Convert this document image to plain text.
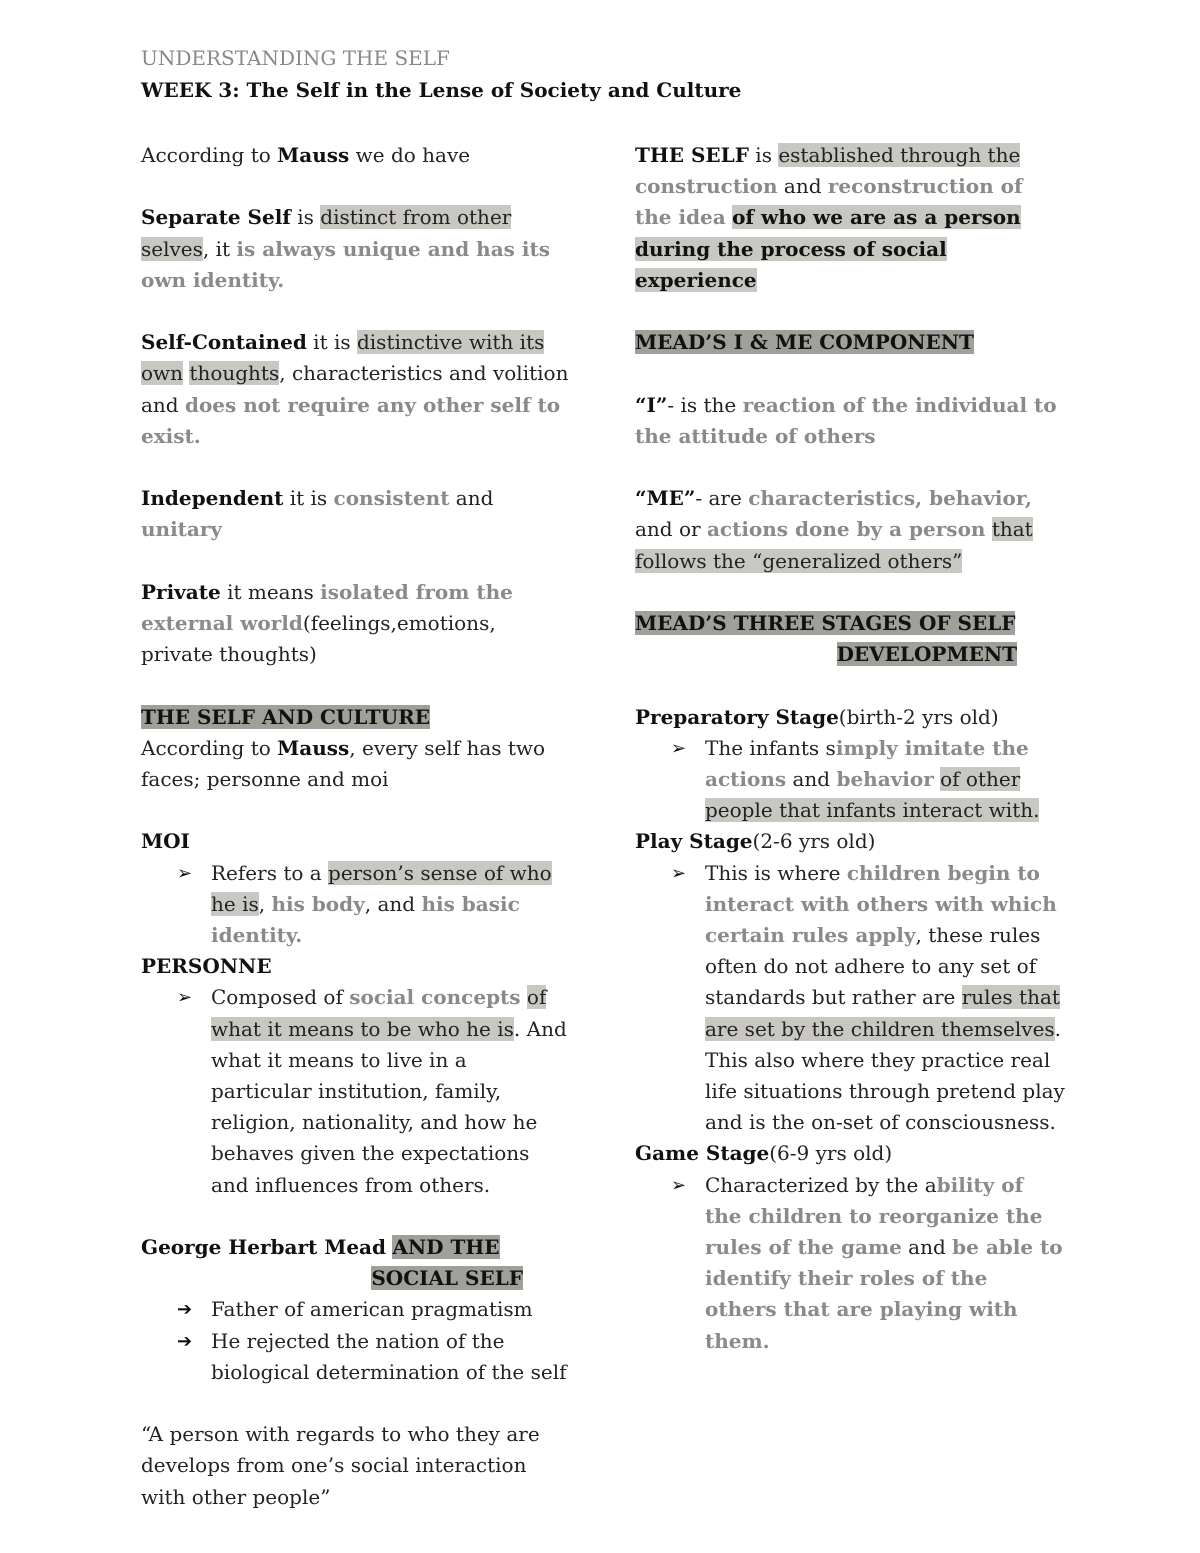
UNDERSTANDING THE SELF
WEEK 3: The Self in the Lense of Society and Culture

According to Mauss we do have

Separate Self is distinct from other selves, it is always unique and has its own identity.

Self-Contained it is distinctive with its own thoughts, characteristics and volition and does not require any other self to exist.

Independent it is consistent and unitary

Private it means isolated from the external world(feelings,emotions, private thoughts)

THE SELF AND CULTURE

According to Mauss, every self has two faces; personne and moi

MOI

➢ Refers to a person’s sense of who he is, his body, and his basic identity.

PERSONNE

➢ Composed of social concepts of what it means to be who he is. And what it means to live in a particular institution, family, religion, nationality, and how he behaves given the expectations and influences from others.

George Herbart Mead AND THE

SOCIAL SELF

➔ Father of american pragmatism
➔ He rejected the nation of the biological determination of the self

“A person with regards to who they are develops from one’s social interaction with other people”

THE SELF is established through the construction and reconstruction of the idea of who we are as a person during the process of social experience

MEAD’S I & ME COMPONENT

“I”- is the reaction of the individual to the attitude of others

“ME”- are characteristics, behavior, and or actions done by a person that follows the “generalized others”

MEAD’S THREE STAGES OF SELF

DEVELOPMENT

Preparatory Stage(birth-2 yrs old)

➢ The infants simply imitate the actions and behavior of other people that infants interact with.

Play Stage(2-6 yrs old)

➢ This is where children begin to interact with others with which certain rules apply, these rules often do not adhere to any set of standards but rather are rules that are set by the children themselves. This also where they practice real life situations through pretend play and is the on-set of consciousness.

Game Stage(6-9 yrs old)

➢ Characterized by the ability of the children to reorganize the rules of the game and be able to identify their roles of the others that are playing with them.
